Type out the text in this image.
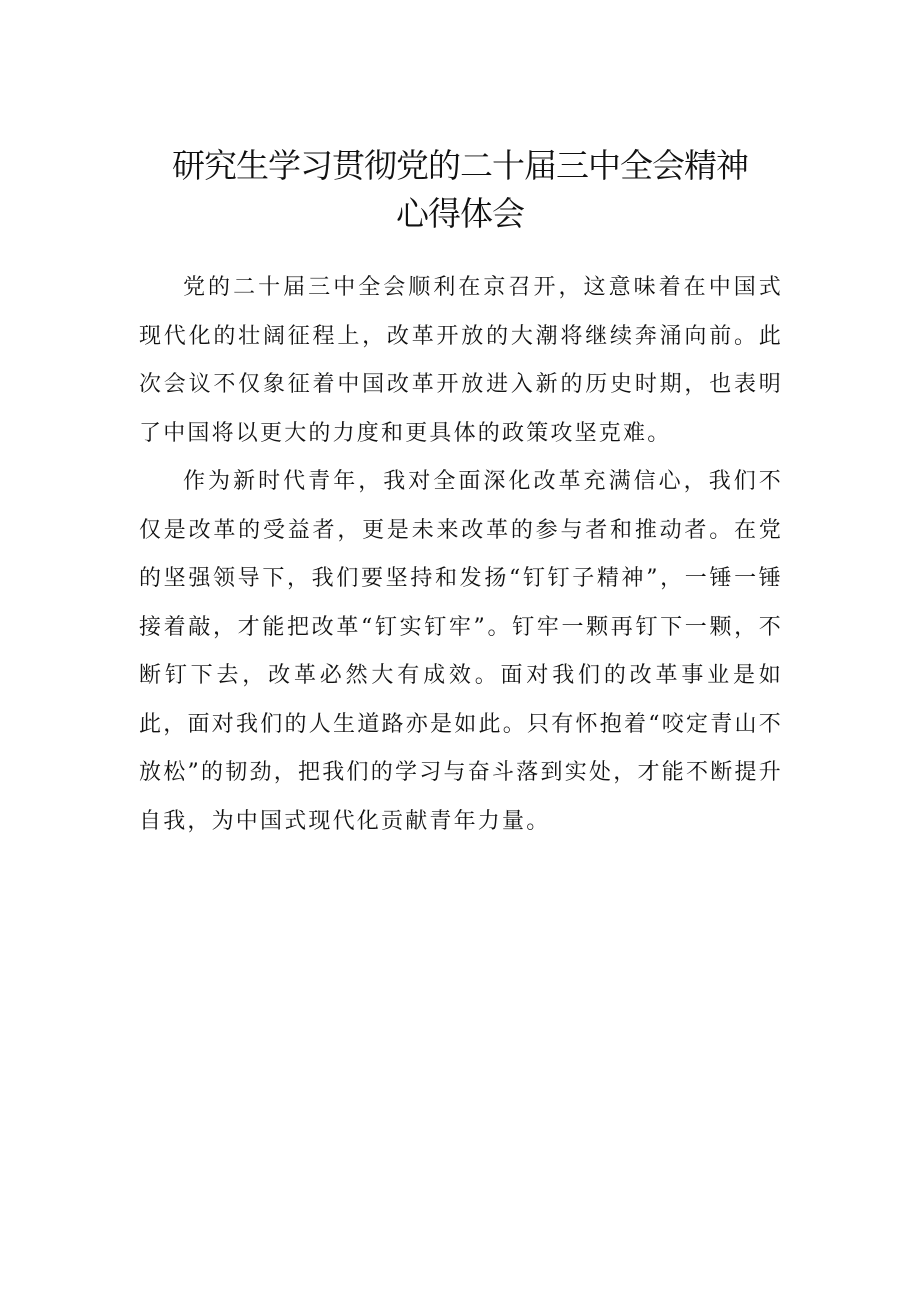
研究生学习贯彻党的二十届三中全会精神
心得体会

党的二十届三中全会顺利在京召开，这意味着在中国式现代化的壮阔征程上，改革开放的大潮将继续奔涌向前。此次会议不仅象征着中国改革开放进入新的历史时期，也表明了中国将以更大的力度和更具体的政策攻坚克难。

作为新时代青年，我对全面深化改革充满信心，我们不仅是改革的受益者，更是未来改革的参与者和推动者。在党的坚强领导下，我们要坚持和发扬“钉钉子精神”，一锤一锤接着敲，才能把改革“钉实钉牢”。钉牢一颗再钉下一颗，不断钉下去，改革必然大有成效。面对我们的改革事业是如此，面对我们的人生道路亦是如此。只有怀抱着“咬定青山不放松”的韧劲，把我们的学习与奋斗落到实处，才能不断提升自我，为中国式现代化贡献青年力量。
